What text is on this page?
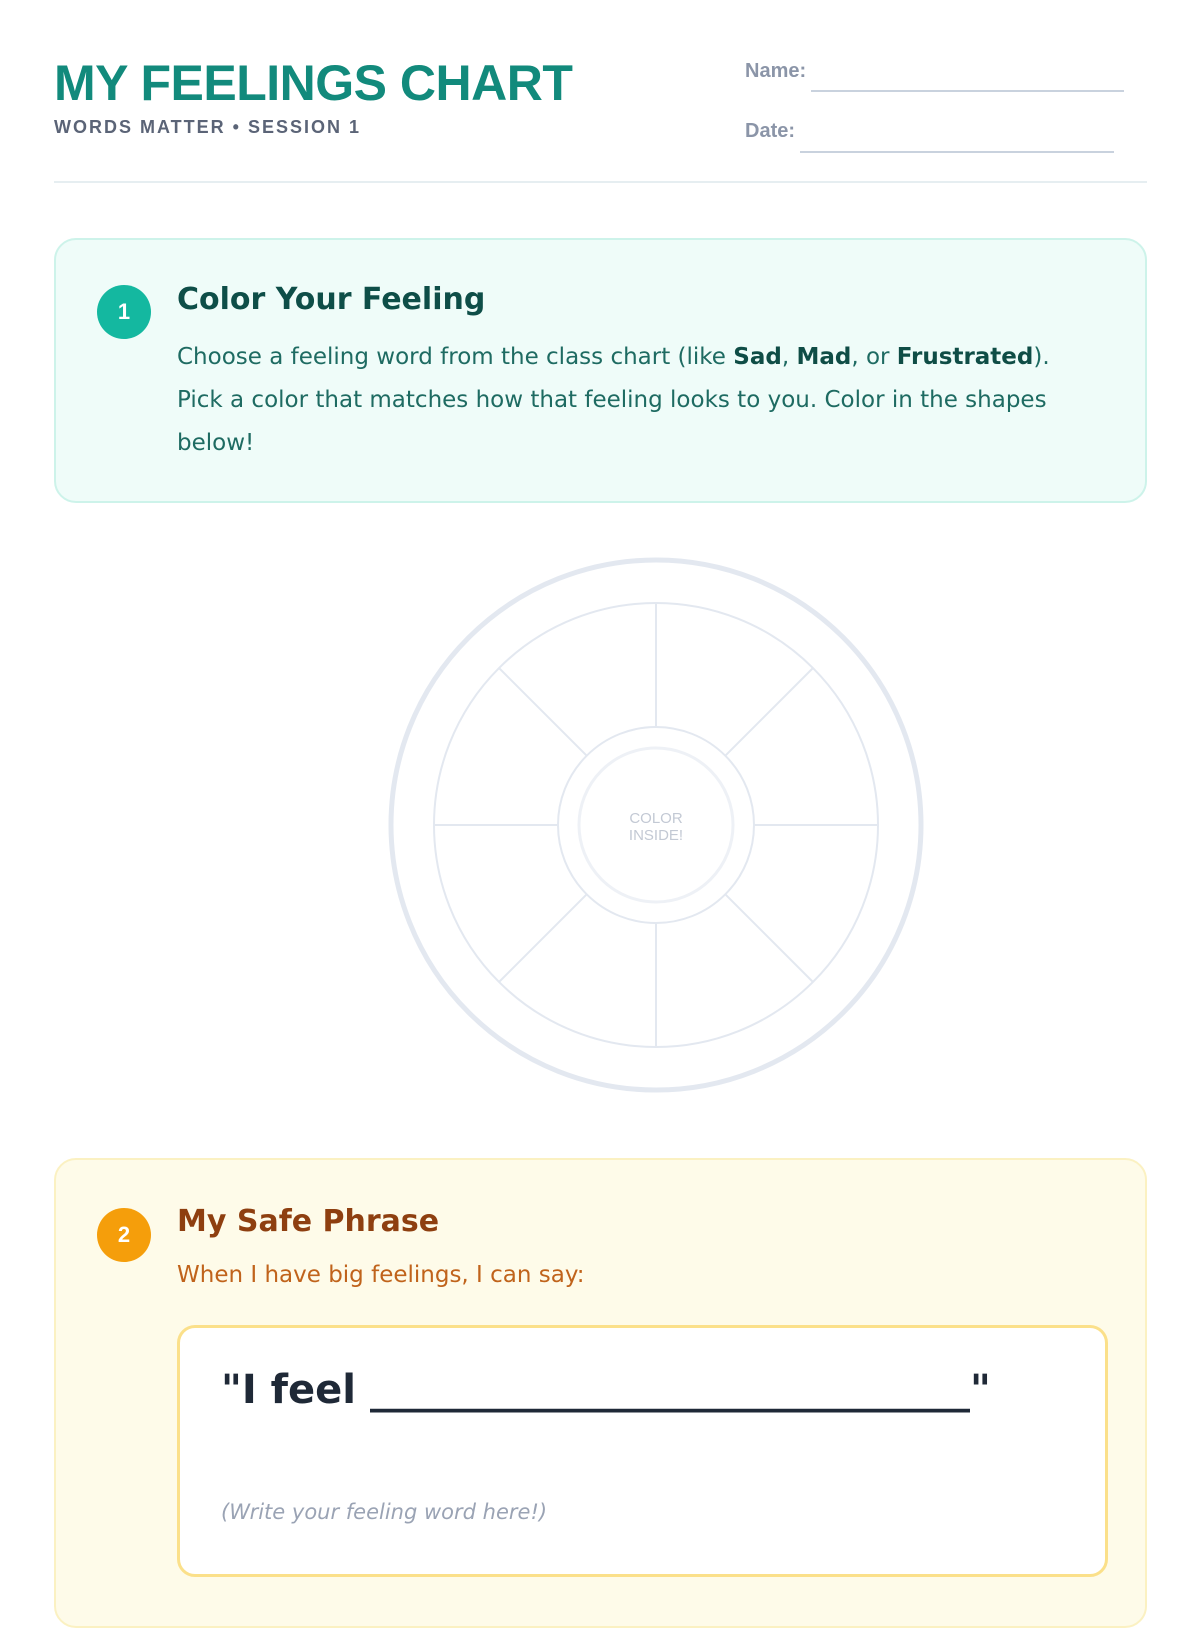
MY FEELINGS CHART
WORDS MATTER • SESSION 1
Name:
Date:
1	Color Your Feeling
Choose a feeling word from the class chart (like Sad, Mad, or Frustrated). Pick a color that matches how that feeling looks to you. Color in the shapes below!
COLOR
INSIDE!
2	My Safe Phrase
When I have big feelings, I can say:
"I feel ______________________________"
(Write your feeling word here!)
